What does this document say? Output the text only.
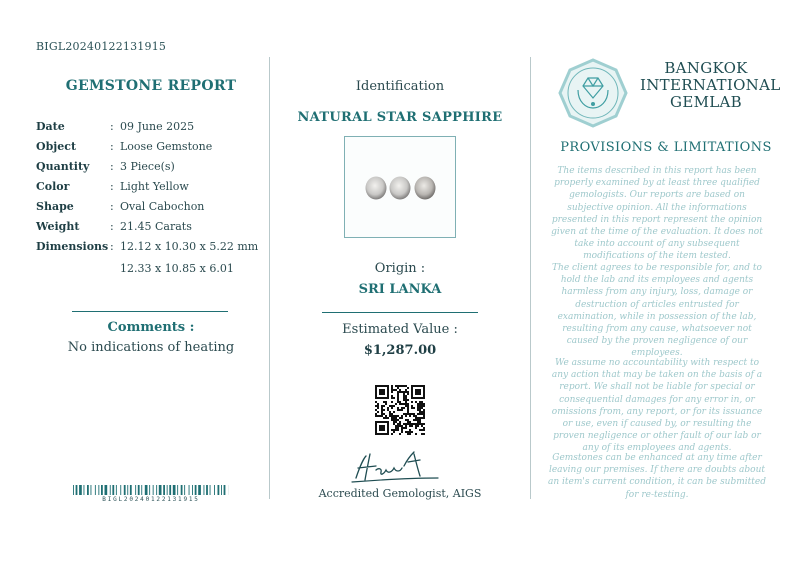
BIGL20240122131915
GEMSTONE REPORT
Date	: 09 June 2025
Object	: Loose Gemstone
Quantity : 3 Piece(s)
Color	: Light Yellow
Shape	: Oval Cabochon
Weight	: 21.45 Carats
Dimensions : 12.12 x 10.30 x 5.22 mm
12.33 x 10.85 x 6.01
Comments :
No indications of heating
BIGL20240122131915
Identification
NATURAL STAR SAPPHIRE
Origin :
SRI LANKA
Estimated Value :
$1,287.00
Accredited Gemologist, AIGS
BANGKOK
INTERNATIONAL
GEMLAB
PROVISIONS & LIMITATIONS
The items described in this report has been properly examined by at least three qualified gemologists. Our reports are based on subjective opinion. All the informations presented in this report represent the opinion given at the time of the evaluation. It does not take into account of any subsequent modifications of the item tested.
The client agrees to be responsible for, and to hold the lab and its employees and agents harmless from any injury, loss, damage or destruction of articles entrusted for examination, while in possession of the lab, resulting from any cause, whatsoever not caused by the proven negligence of our employees.
We assume no accountability with respect to any action that may be taken on the basis of a report. We shall not be liable for special or consequential damages for any error in, or omissions from, any report, or for its issuance or use, even if caused by, or resulting the proven negligence or other fault of our lab or any of its employees and agents.
Gemstones can be enhanced at any time after leaving our premises. If there are doubts about an item's current condition, it can be submitted for re-testing.
